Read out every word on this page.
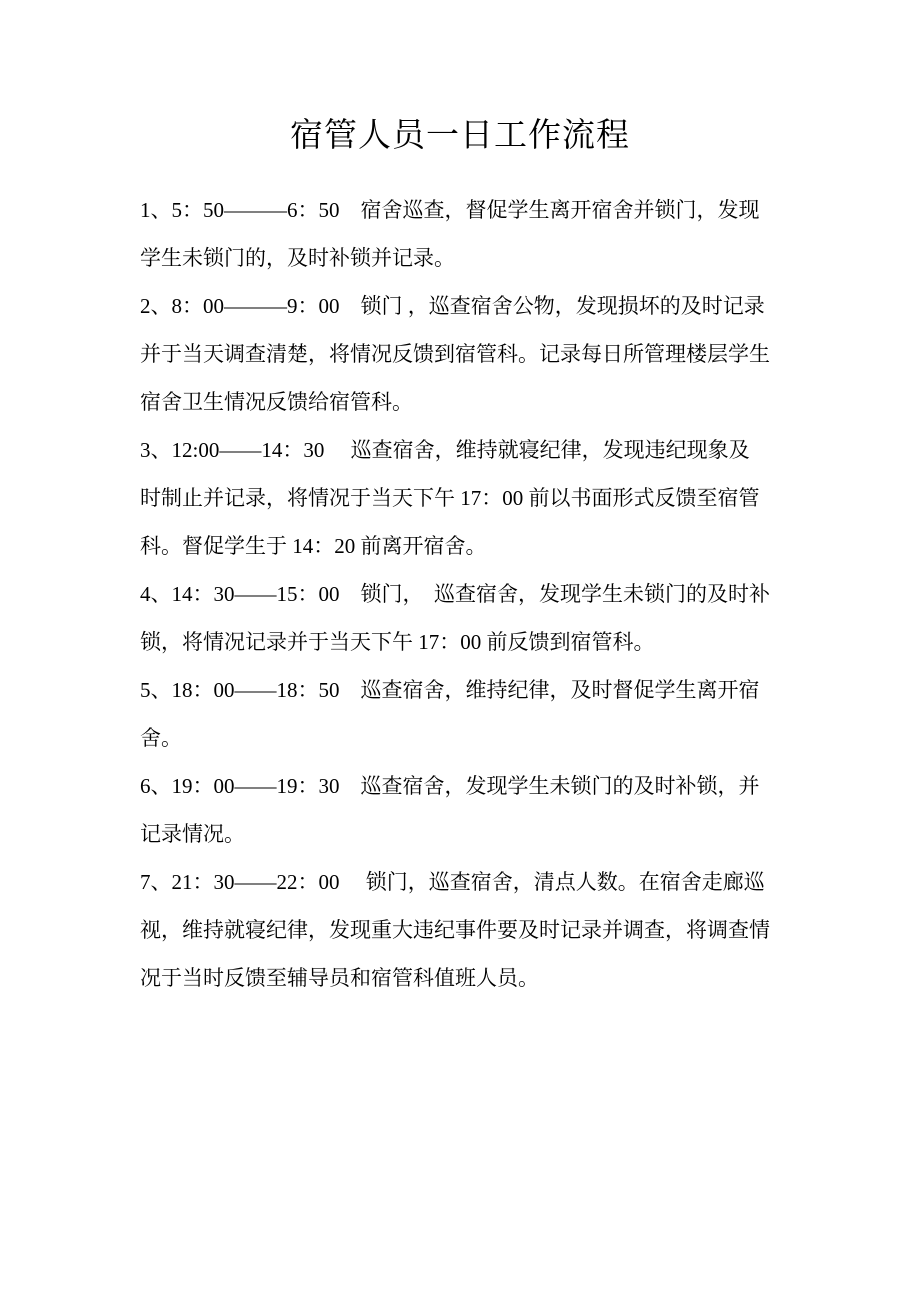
宿管人员一日工作流程

1、5：50———6：50　宿舍巡查，督促学生离开宿舍并锁门，发现
学生未锁门的，及时补锁并记录。

2、8：00———9：00　锁门 ，巡查宿舍公物，发现损坏的及时记录
并于当天调查清楚，将情况反馈到宿管科。记录每日所管理楼层学生
宿舍卫生情况反馈给宿管科。

3、12:00——14：30　 巡查宿舍，维持就寝纪律，发现违纪现象及
时制止并记录，将情况于当天下午 17：00 前以书面形式反馈至宿管
科。督促学生于 14：20 前离开宿舍。

4、14：30——15：00　锁门，　巡查宿舍，发现学生未锁门的及时补
锁，将情况记录并于当天下午 17：00 前反馈到宿管科。

5、18：00——18：50　巡查宿舍，维持纪律，及时督促学生离开宿
舍。

6、19：00——19：30　巡查宿舍，发现学生未锁门的及时补锁，并
记录情况。

7、21：30——22：00　 锁门，巡查宿舍，清点人数。在宿舍走廊巡
视，维持就寝纪律，发现重大违纪事件要及时记录并调查，将调查情
况于当时反馈至辅导员和宿管科值班人员。
